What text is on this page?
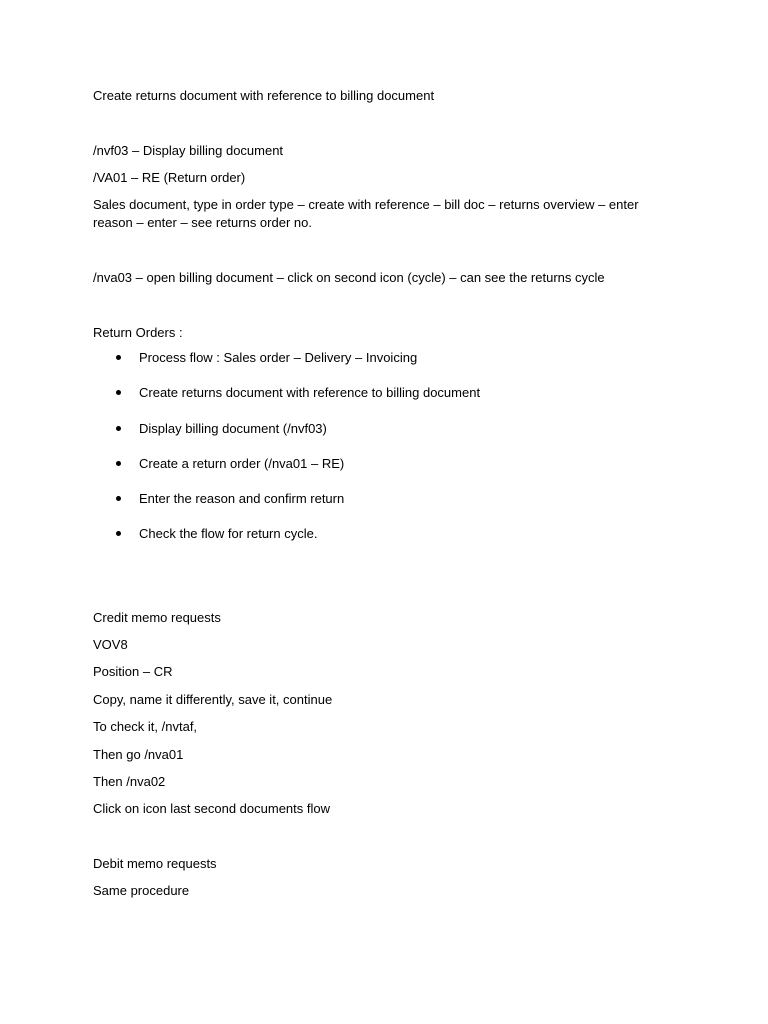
Create returns document with reference to billing document

/nvf03 – Display billing document

/VA01 – RE (Return order)

Sales document, type in order type – create with reference – bill doc – returns overview – enter reason – enter – see returns order no.

/nva03 – open billing document – click on second icon (cycle) – can see the returns cycle

Return Orders :

Process flow : Sales order – Delivery – Invoicing
Create returns document with reference to billing document
Display billing document (/nvf03)
Create a return order (/nva01 – RE)
Enter the reason and confirm return
Check the flow for return cycle.

Credit memo requests

VOV8

Position – CR

Copy, name it differently, save it, continue

To check it, /nvtaf,

Then go /nva01

Then /nva02

Click on icon last second documents flow

Debit memo requests

Same procedure
